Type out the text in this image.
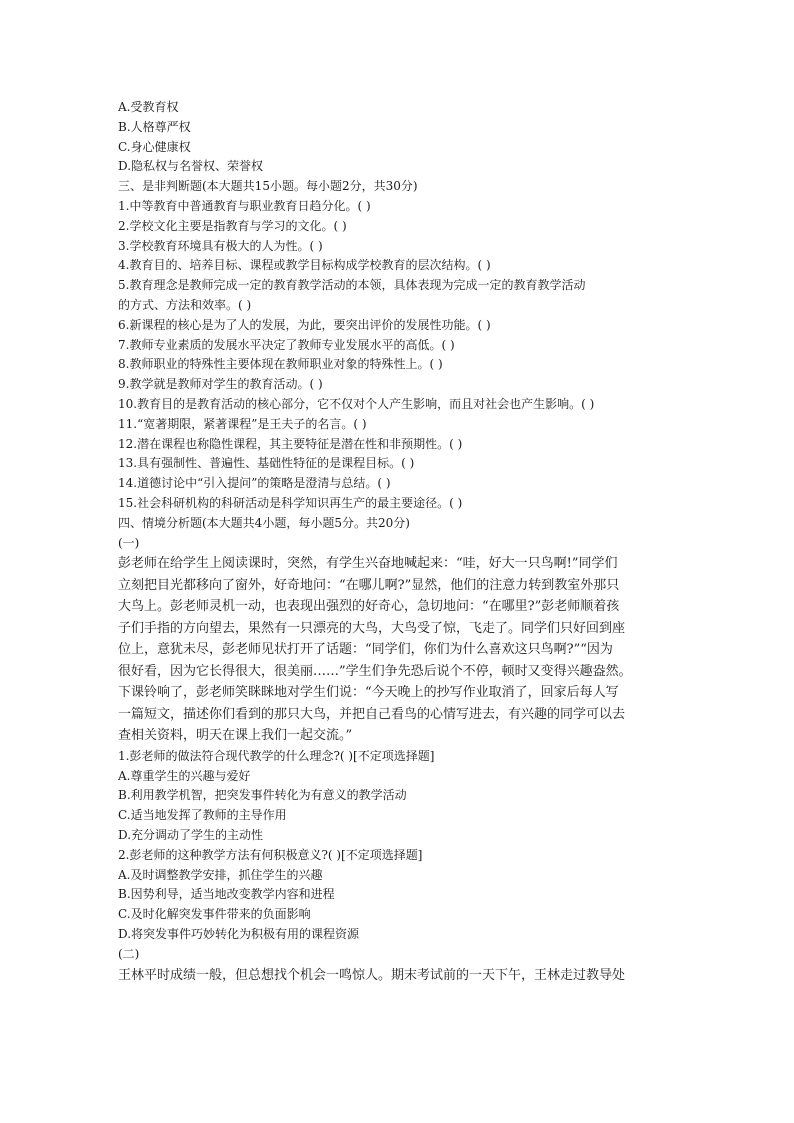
A.受教育权
B.人格尊严权
C.身心健康权
D.隐私权与名誉权、荣誉权
三、是非判断题(本大题共15小题。每小题2分，共30分)
1.中等教育中普通教育与职业教育日趋分化。( )
2.学校文化主要是指教育与学习的文化。( )
3.学校教育环境具有极大的人为性。( )
4.教育目的、培养目标、课程或教学目标构成学校教育的层次结构。( )
5.教育理念是教师完成一定的教育教学活动的本领，具体表现为完成一定的教育教学活动
的方式、方法和效率。( )
6.新课程的核心是为了人的发展，为此，要突出评价的发展性功能。( )
7.教师专业素质的发展水平决定了教师专业发展水平的高低。( )
8.教师职业的特殊性主要体现在教师职业对象的特殊性上。( )
9.教学就是教师对学生的教育活动。( )
10.教育目的是教育活动的核心部分，它不仅对个人产生影响，而且对社会也产生影响。( )
11.“宽著期限，紧著课程”是王夫子的名言。( )
12.潜在课程也称隐性课程，其主要特征是潜在性和非预期性。( )
13.具有强制性、普遍性、基础性特征的是课程目标。( )
14.道德讨论中“引入提问”的策略是澄清与总结。( )
15.社会科研机构的科研活动是科学知识再生产的最主要途径。( )
四、情境分析题(本大题共4小题，每小题5分。共20分)
(一)
彭老师在给学生上阅读课时，突然，有学生兴奋地喊起来：“哇，好大一只鸟啊!”同学们
立刻把目光都移向了窗外，好奇地问：“在哪儿啊?”显然，他们的注意力转到教室外那只
大鸟上。彭老师灵机一动，也表现出强烈的好奇心，急切地问：“在哪里?”彭老师顺着孩
子们手指的方向望去，果然有一只漂亮的大鸟，大鸟受了惊，飞走了。同学们只好回到座
位上，意犹未尽，彭老师见状打开了话题：“同学们，你们为什么喜欢这只鸟啊?”“因为
很好看，因为它长得很大，很美丽……”学生们争先恐后说个不停，顿时又变得兴趣盎然。
下课铃响了，彭老师笑眯眯地对学生们说：“今天晚上的抄写作业取消了，回家后每人写
一篇短文，描述你们看到的那只大鸟，并把自己看鸟的心情写进去，有兴趣的同学可以去
查相关资料，明天在课上我们一起交流。”
1.彭老师的做法符合现代教学的什么理念?( )[不定项选择题]
A.尊重学生的兴趣与爱好
B.利用教学机智，把突发事件转化为有意义的教学活动
C.适当地发挥了教师的主导作用
D.充分调动了学生的主动性
2.彭老师的这种教学方法有何积极意义?( )[不定项选择题]
A.及时调整教学安排，抓住学生的兴趣
B.因势利导，适当地改变教学内容和进程
C.及时化解突发事件带来的负面影响
D.将突发事件巧妙转化为积极有用的课程资源
(二)
王林平时成绩一般，但总想找个机会一鸣惊人。期末考试前的一天下午，王林走过教导处
